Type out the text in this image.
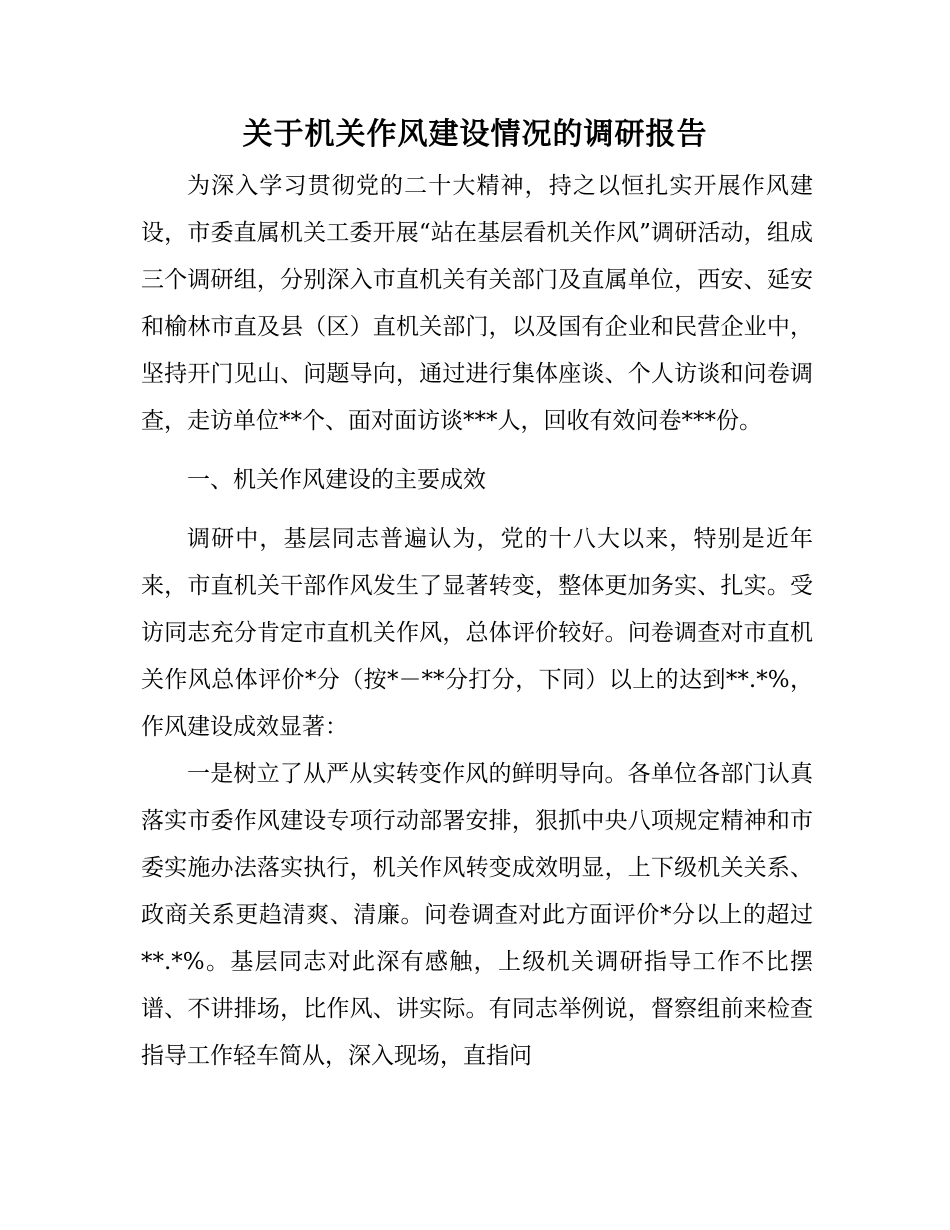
关于机关作风建设情况的调研报告

为深入学习贯彻党的二十大精神，持之以恒扎实开展作风建设，市委直属机关工委开展“站在基层看机关作风”调研活动，组成三个调研组，分别深入市直机关有关部门及直属单位，西安、延安和榆林市直及县（区）直机关部门，以及国有企业和民营企业中，坚持开门见山、问题导向，通过进行集体座谈、个人访谈和问卷调查，走访单位**个、面对面访谈***人，回收有效问卷***份。

一、机关作风建设的主要成效

调研中，基层同志普遍认为，党的十八大以来，特别是近年来，市直机关干部作风发生了显著转变，整体更加务实、扎实。受访同志充分肯定市直机关作风，总体评价较好。问卷调查对市直机关作风总体评价*分（按*－**分打分，下同）以上的达到**.*%，作风建设成效显著：

一是树立了从严从实转变作风的鲜明导向。各单位各部门认真落实市委作风建设专项行动部署安排，狠抓中央八项规定精神和市委实施办法落实执行，机关作风转变成效明显，上下级机关关系、政商关系更趋清爽、清廉。问卷调查对此方面评价*分以上的超过**.*%。基层同志对此深有感触，上级机关调研指导工作不比摆谱、不讲排场，比作风、讲实际。有同志举例说，督察组前来检查指导工作轻车简从，深入现场，直指问
